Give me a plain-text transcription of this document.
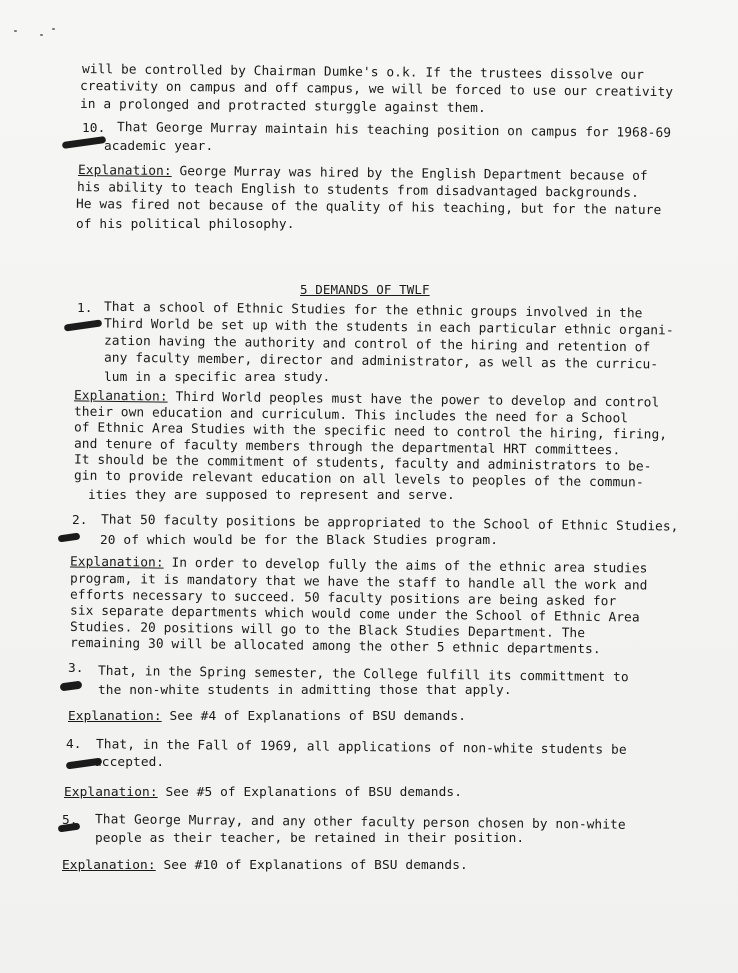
will be controlled by Chairman Dumke's o.k. If the trustees dissolve our
creativity on campus and off campus, we will be forced to use our creativity
in a prolonged and protracted sturggle against them.
10. That George Murray maintain his teaching position on campus for 1968-69
academic year.
Explanation: George Murray was hired by the English Department because of
his ability to teach English to students from disadvantaged backgrounds.
He was fired not because of the quality of his teaching, but for the nature
of his political philosophy.
5 DEMANDS OF TWLF
1. That a school of Ethnic Studies for the ethnic groups involved in the
Third World be set up with the students in each particular ethnic organi-
zation having the authority and control of the hiring and retention of
any faculty member, director and administrator, as well as the curricu-
lum in a specific area study.
Explanation: Third World peoples must have the power to develop and control
their own education and curriculum. This includes the need for a School
of Ethnic Area Studies with the specific need to control the hiring, firing,
and tenure of faculty members through the departmental HRT committees.
It should be the commitment of students, faculty and administrators to be-
gin to provide relevant education on all levels to peoples of the commun-
ities they are supposed to represent and serve.
2. That 50 faculty positions be appropriated to the School of Ethnic Studies,
20 of which would be for the Black Studies program.
Explanation: In order to develop fully the aims of the ethnic area studies
program, it is mandatory that we have the staff to handle all the work and
efforts necessary to succeed. 50 faculty positions are being asked for
six separate departments which would come under the School of Ethnic Area
Studies. 20 positions will go to the Black Studies Department. The
remaining 30 will be allocated among the other 5 ethnic departments.
3. That, in the Spring semester, the College fulfill its committment to
the non-white students in admitting those that apply.
Explanation: See #4 of Explanations of BSU demands.
4. That, in the Fall of 1969, all applications of non-white students be
accepted.
Explanation: See #5 of Explanations of BSU demands.
5. That George Murray, and any other faculty person chosen by non-white
people as their teacher, be retained in their position.
Explanation: See #10 of Explanations of BSU demands.
